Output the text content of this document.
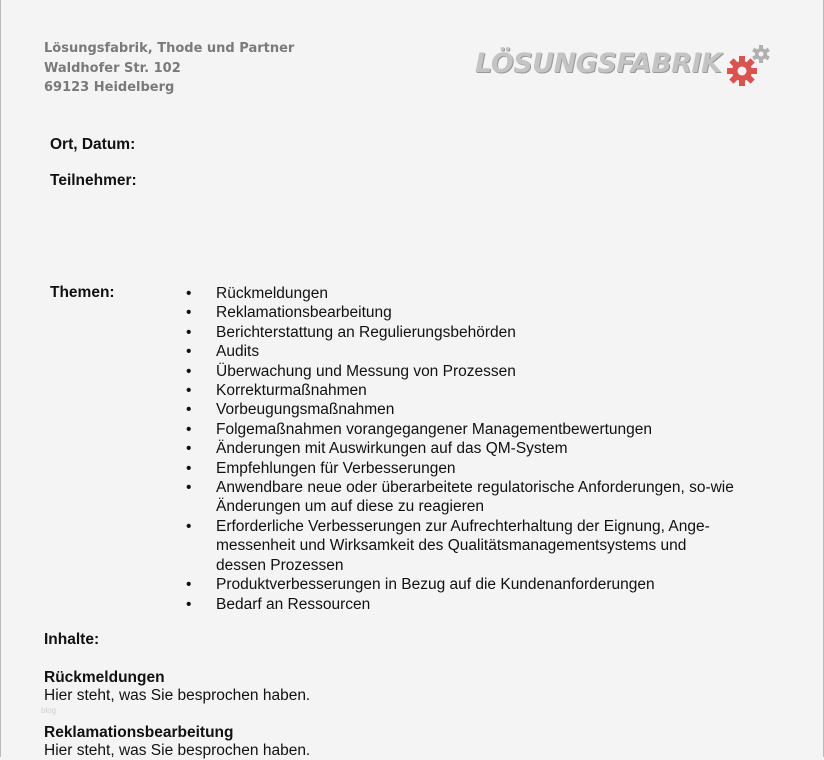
Lösungsfabrik, Thode und Partner
Waldhofer Str. 102
69123 Heidelberg
LÖSUNGSFABRIK
Ort, Datum:
Teilnehmer:
Themen:	• Rückmeldungen
• Reklamationsbearbeitung
• Berichterstattung an Regulierungsbehörden
• Audits
• Überwachung und Messung von Prozessen
• Korrekturmaßnahmen
• Vorbeugungsmaßnahmen
• Folgemaßnahmen vorangegangener Managementbewertungen
• Änderungen mit Auswirkungen auf das QM-System
• Empfehlungen für Verbesserungen
• Anwendbare neue oder überarbeitete regulatorische Anforderungen, so-wie Änderungen um auf diese zu reagieren
• Erforderliche Verbesserungen zur Aufrechterhaltung der Eignung, Ange-messenheit und Wirksamkeit des Qualitätsmanagementsystems und dessen Prozessen
• Produktverbesserungen in Bezug auf die Kundenanforderungen
• Bedarf an Ressourcen
Inhalte:
Rückmeldungen
Hier steht, was Sie besprochen haben.
blog
Reklamationsbearbeitung
Hier steht, was Sie besprochen haben.
